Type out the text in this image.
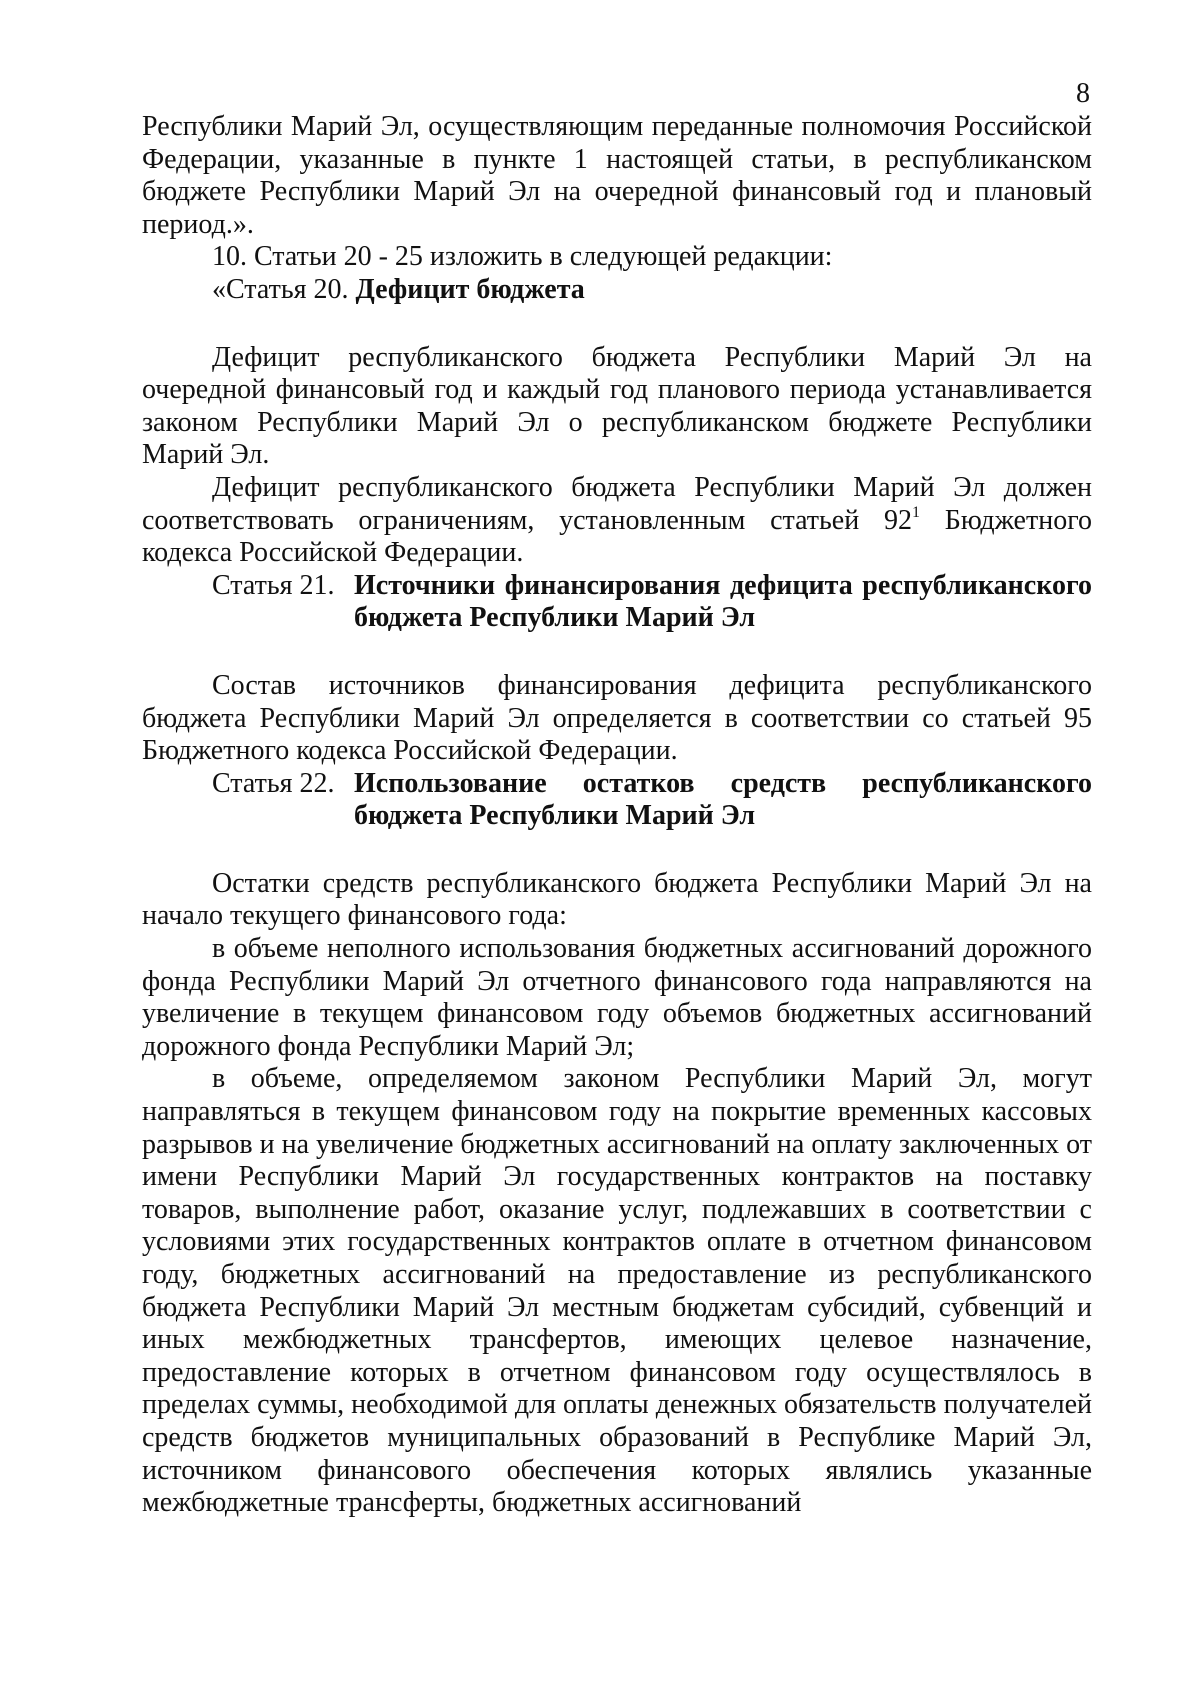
8

Республики Марий Эл, осуществляющим переданные полномочия Российской Федерации, указанные в пункте 1 настоящей статьи, в республиканском бюджете Республики Марий Эл на очередной финансовый год и плановый период.».

10. Статьи 20 - 25 изложить в следующей редакции:

«Статья 20. Дефицит бюджета

Дефицит республиканского бюджета Республики Марий Эл на очередной финансовый год и каждый год планового периода устанавливается законом Республики Марий Эл о республиканском бюджете Республики Марий Эл.

Дефицит республиканского бюджета Республики Марий Эл должен соответствовать ограничениям, установленным статьей $92^1$ Бюджетного кодекса Российской Федерации.

Статья 21. Источники финансирования дефицита республиканского бюджета Республики Марий Эл

Состав источников финансирования дефицита республиканского бюджета Республики Марий Эл определяется в соответствии со статьей 95 Бюджетного кодекса Российской Федерации.

Статья 22. Использование остатков средств республиканского бюджета Республики Марий Эл

Остатки средств республиканского бюджета Республики Марий Эл на начало текущего финансового года:

в объеме неполного использования бюджетных ассигнований дорожного фонда Республики Марий Эл отчетного финансового года направляются на увеличение в текущем финансовом году объемов бюджетных ассигнований дорожного фонда Республики Марий Эл;

в объеме, определяемом законом Республики Марий Эл, могут направляться в текущем финансовом году на покрытие временных кассовых разрывов и на увеличение бюджетных ассигнований на оплату заключенных от имени Республики Марий Эл государственных контрактов на поставку товаров, выполнение работ, оказание услуг, подлежавших в соответствии с условиями этих государственных контрактов оплате в отчетном финансовом году, бюджетных ассигнований на предоставление из республиканского бюджета Республики Марий Эл местным бюджетам субсидий, субвенций и иных межбюджетных трансфертов, имеющих целевое назначение, предоставление которых в отчетном финансовом году осуществлялось в пределах суммы, необходимой для оплаты денежных обязательств получателей средств бюджетов муниципальных образований в Республике Марий Эл, источником финансового обеспечения которых являлись указанные межбюджетные трансферты, бюджетных ассигнований
